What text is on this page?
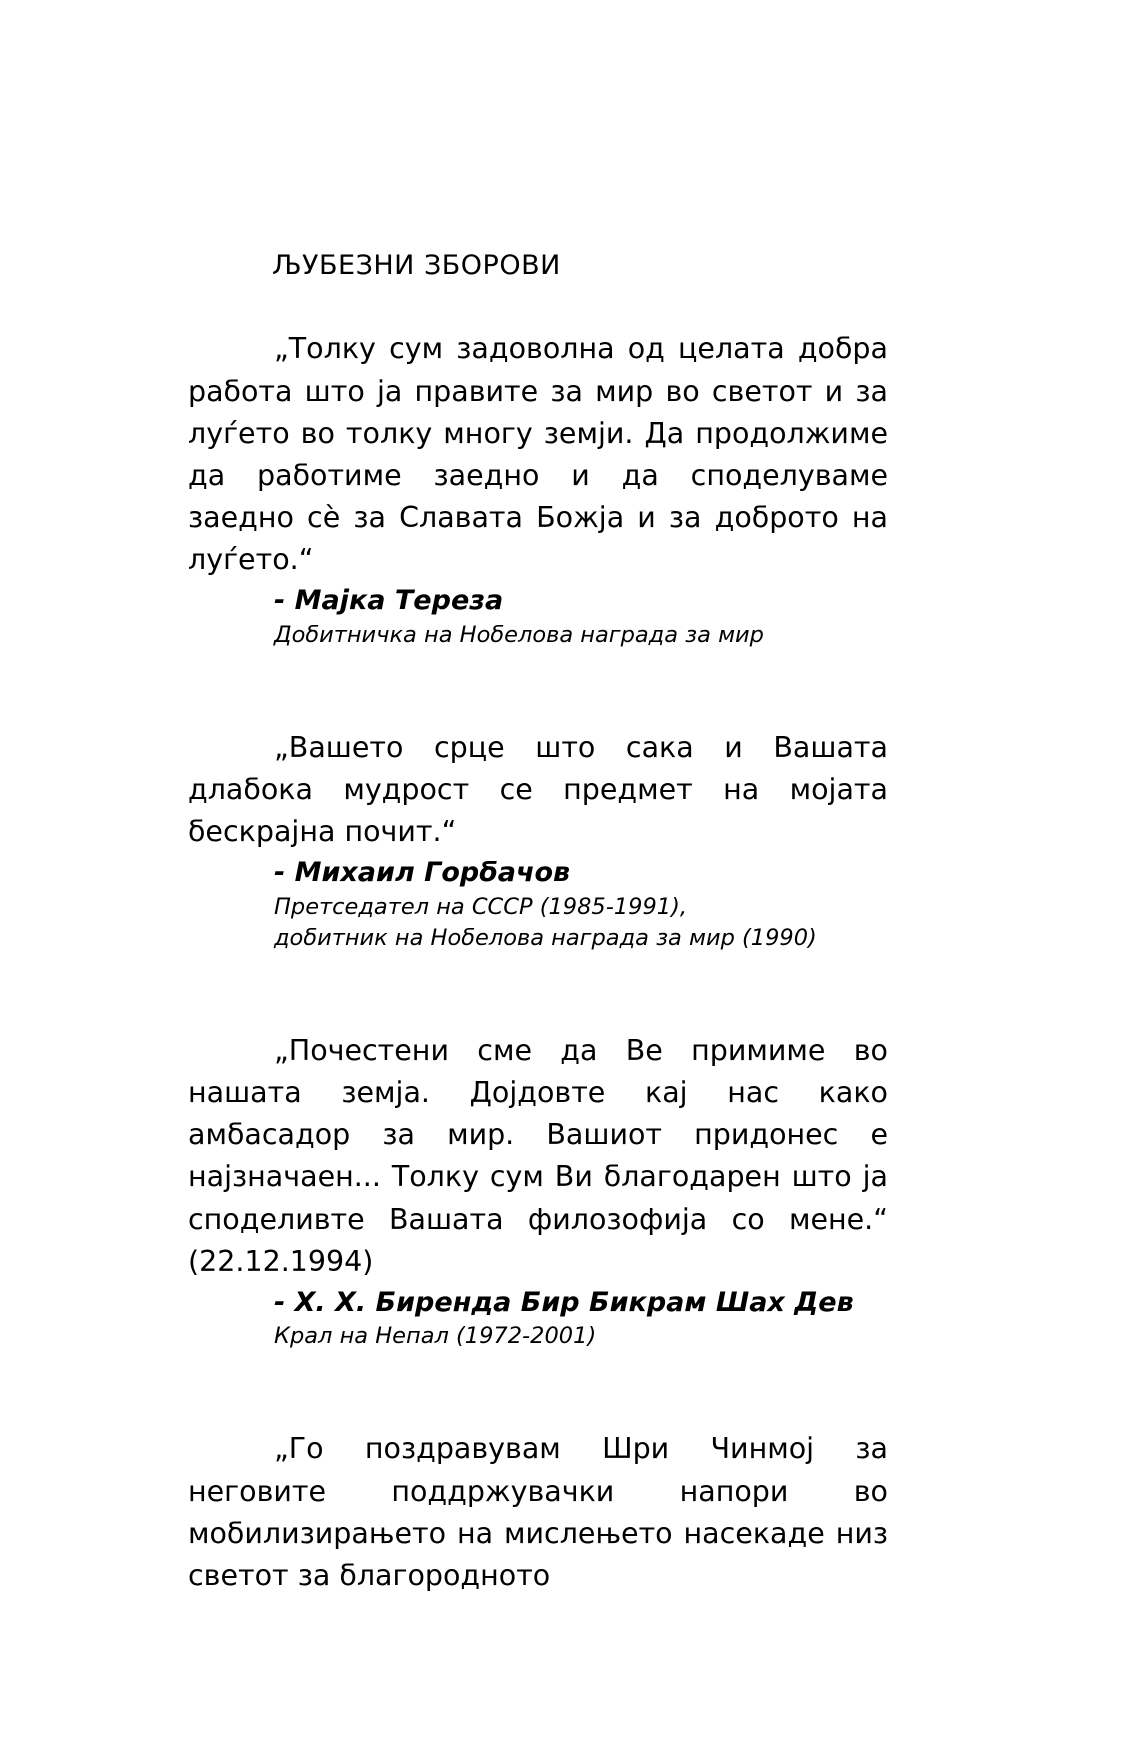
ЉУБЕЗНИ ЗБОРОВИ

„Толку сум задоволна од целата добра работа што ја правите за мир во светот и за луѓето во толку многу земји. Да продолжиме да работиме заедно и да споделуваме заедно сѐ за Славата Божја и за доброто на луѓето.“

- Мајка Тереза

Добитничка на Нобелова награда за мир

„Вашето срце што сака и Вашата длабока мудрост се предмет на мојата бескрајна почит.“

- Михаил Горбачов

Претседател на СССР (1985-1991),

добитник на Нобелова награда за мир (1990)

„Почестени сме да Ве примиме во нашата земја. Дојдовте кај нас како амбасадор за мир. Вашиот придонес е најзначаен... Толку сум Ви благодарен што ја споделивте Вашата филозофија со мене.“ (22.12.1994)

- Х. Х. Биренда Бир Бикрам Шах Дев

Крал на Непал (1972-2001)

„Го поздравувам Шри Чинмој за неговите поддржувачки напори во мобилизирањето на мислењето насекаде низ светот за благородното
